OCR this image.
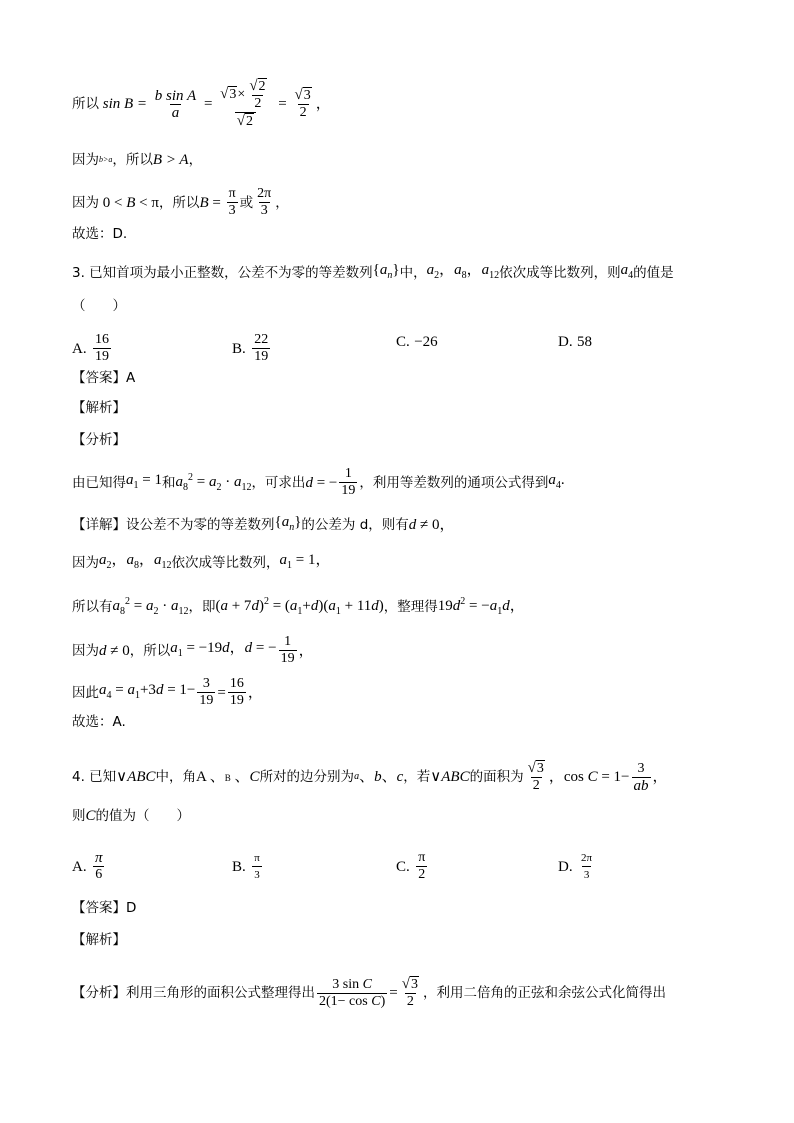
所以 $\sin B = \frac{\text{b sin A}}{a} = \frac{√ 3 \times \frac{√ 2}{2}}{√ 2} = \frac{√ 3}{2}$ ，
因为 b>a ，所以 B > A ，
因为 0 < B < π ，所以 $B = \frac{\pi}{3}$ 或 $\frac{2\pi}{3}$ ，
故选：D.
3. 已知首项为最小正整数，公差不为零的等差数列 $\{a_n\}$ 中， $a_2$，$a_8$，$a_{12}$ 依次成等比数列，则 $a_4$ 的值是
（　　）
A.
$\frac{16}{19}$	B.
$\frac{22}{19}$	C.
−26	D.
58
【答案】A
【解析】
【分析】
由已知得 $a_1 = 1$ 和 $a_8^2 = a_2 \cdot a_{12}$ ，可求出 d = − $\frac{1}{19}$ ，利用等差数列的通项公式得到 $a_4$.
【详解】 设公差不为零的等差数列 $\{a_n\}$ 的公差为 d，则有 d ≠ 0，
因为 $a_2$，$a_8$，$a_{12}$ 依次成等比数列， $a_1 = 1$，
所以有 $a_8^2 = a_2 \cdot a_{12}$ ，即 $(a + 7d)^2 = (a_1+d)(a_1 + 11d)$ ，整理得 $19d^2 = -a_1d$，
因为 d ≠ 0 ，所以 $a_1 = -19d$，d = − $\frac{1}{19}$ ，
因此 $a_4 = a_1+3d = 1- \frac{3}{19} = \frac{16}{19}$ ，
故选：A.
4. 已知 ∨ABC 中，角 A 、B 、C 所对的边分别为 a 、b、c ，若 ∨ABC 的面积为 $\frac{√ 3}{2}$ ，$\cos C = 1- \frac{3}{ab}$ ，
则 C 的值为（　　）
A.
$\frac{\pi}{6}$	B.
$\frac{\pi}{3}$	C.
$\frac{\pi}{2}$	D.
$\frac{2\pi}{3}$
【答案】D
【解析】
【分析】利用三角形的面积公式整理得出 $\frac{\text{3 sin C}}{\text{2(1− cos C)}} = \frac{√ 3}{2}$ ，利用二倍角的正弦和余弦公式化简得出
